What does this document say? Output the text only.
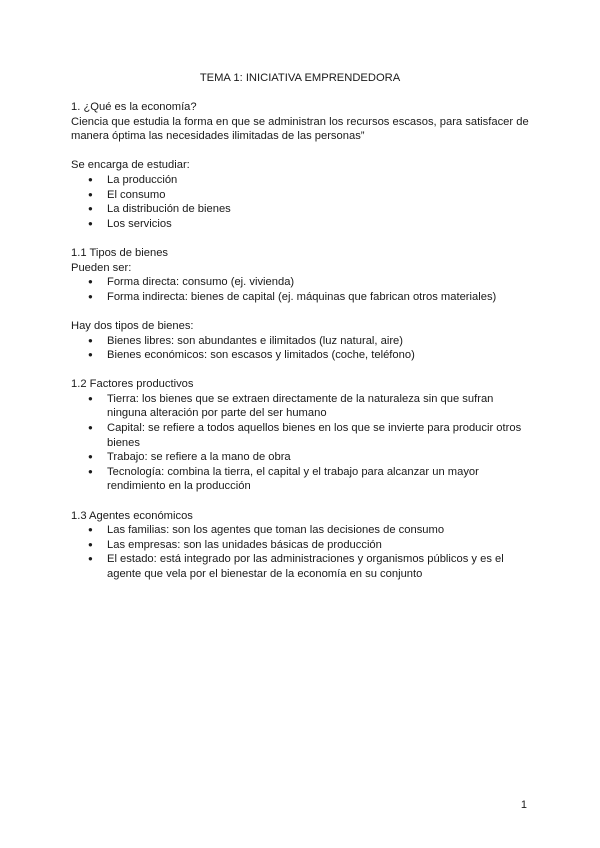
TEMA 1: INICIATIVA EMPRENDEDORA

1. ¿Qué es la economía?

Ciencia que estudia la forma en que se administran los recursos escasos, para satisfacer de manera óptima las necesidades ilimitadas de las personas”

Se encarga de estudiar:

● La producción
● El consumo
● La distribución de bienes
● Los servicios

1.1 Tipos de bienes

Pueden ser:

● Forma directa: consumo (ej. vivienda)
● Forma indirecta: bienes de capital (ej. máquinas que fabrican otros materiales)

Hay dos tipos de bienes:

● Bienes libres: son abundantes e ilimitados (luz natural, aire)
● Bienes económicos: son escasos y limitados (coche, teléfono)

1.2 Factores productivos

● Tierra: los bienes que se extraen directamente de la naturaleza sin que sufran ninguna alteración por parte del ser humano
● Capital: se refiere a todos aquellos bienes en los que se invierte para producir otros bienes
● Trabajo: se refiere a la mano de obra
● Tecnología: combina la tierra, el capital y el trabajo para alcanzar un mayor rendimiento en la producción

1.3 Agentes económicos

● Las familias: son los agentes que toman las decisiones de consumo
● Las empresas: son las unidades básicas de producción
● El estado: está integrado por las administraciones y organismos públicos y es el agente que vela por el bienestar de la economía en su conjunto
1
